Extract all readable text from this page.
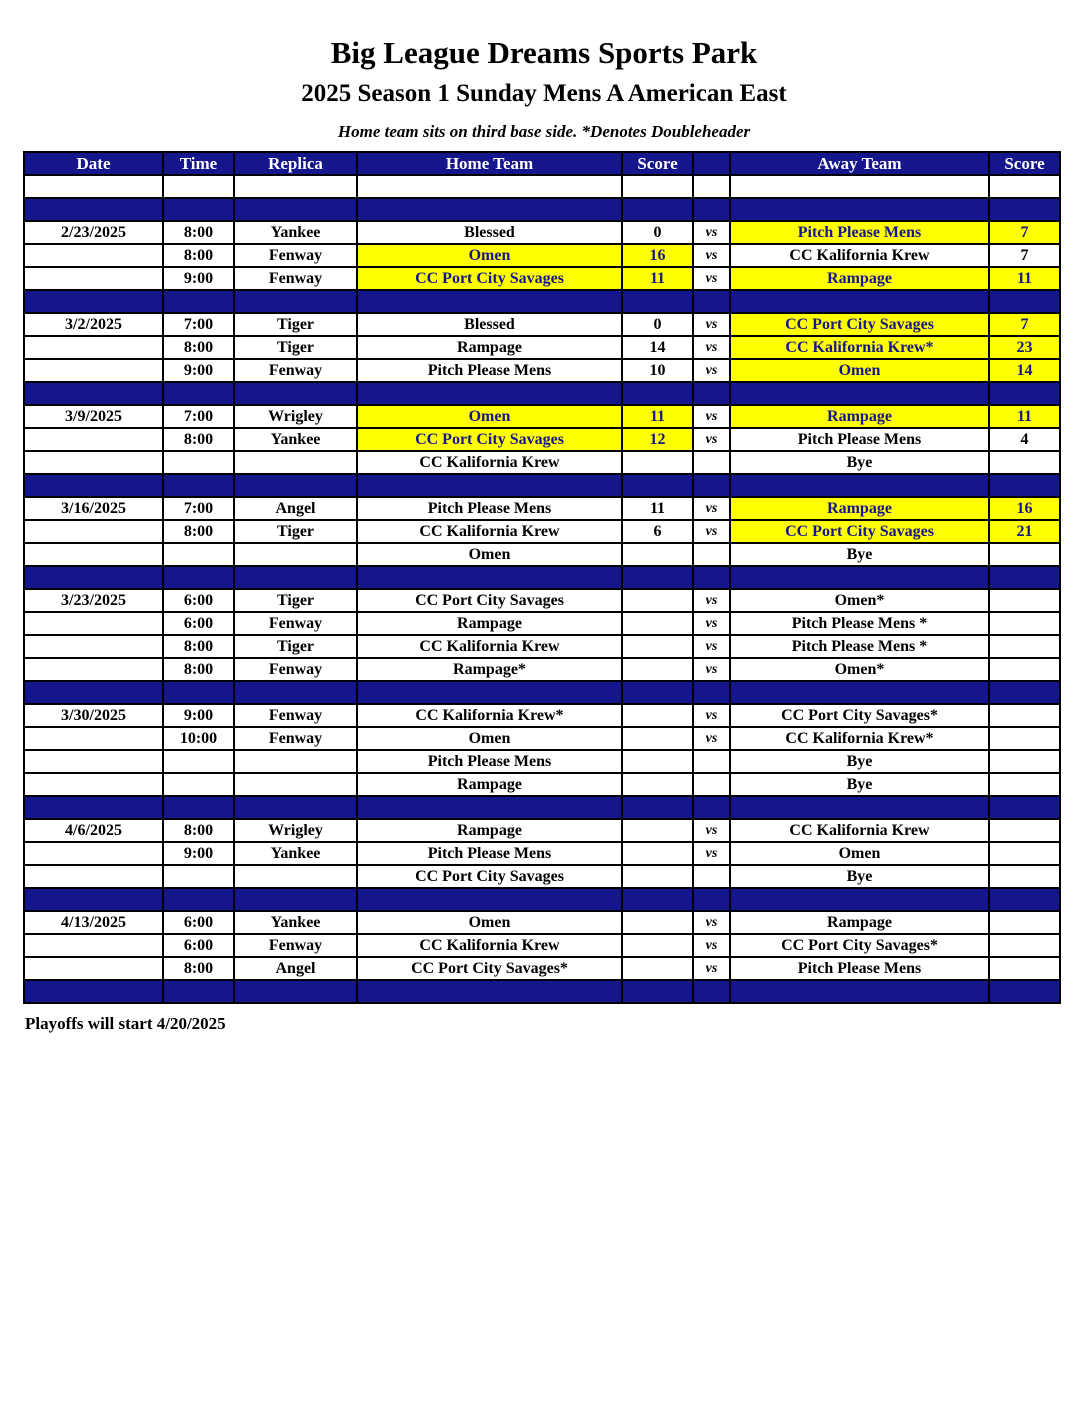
Big League Dreams Sports Park
2025 Season 1 Sunday Mens A American East
Home team sits on third base side. *Denotes Doubleheader
Date	Time	Replica	Home Team	Score		Away Team	Score

2/23/2025	8:00	Yankee	Blessed	0	vs	Pitch Please Mens	7
	8:00	Fenway	Omen	16	vs	CC Kalifornia Krew	7
	9:00	Fenway	CC Port City Savages	11	vs	Rampage	11

3/2/2025	7:00	Tiger	Blessed	0	vs	CC Port City Savages	7
	8:00	Tiger	Rampage	14	vs	CC Kalifornia Krew*	23
	9:00	Fenway	Pitch Please Mens	10	vs	Omen	14

3/9/2025	7:00	Wrigley	Omen	11	vs	Rampage	11
	8:00	Yankee	CC Port City Savages	12	vs	Pitch Please Mens	4
			CC Kalifornia Krew			Bye	

3/16/2025	7:00	Angel	Pitch Please Mens	11	vs	Rampage	16
	8:00	Tiger	CC Kalifornia Krew	6	vs	CC Port City Savages	21
			Omen			Bye	

3/23/2025	6:00	Tiger	CC Port City Savages		vs	Omen*	
	6:00	Fenway	Rampage		vs	Pitch Please Mens *	
	8:00	Tiger	CC Kalifornia Krew		vs	Pitch Please Mens *	
	8:00	Fenway	Rampage*		vs	Omen*	

3/30/2025	9:00	Fenway	CC Kalifornia Krew*		vs	CC Port City Savages*	
	10:00	Fenway	Omen		vs	CC Kalifornia Krew*	
			Pitch Please Mens			Bye	
			Rampage			Bye	

4/6/2025	8:00	Wrigley	Rampage		vs	CC Kalifornia Krew	
	9:00	Yankee	Pitch Please Mens		vs	Omen	
			CC Port City Savages			Bye	

4/13/2025	6:00	Yankee	Omen		vs	Rampage	
	6:00	Fenway	CC Kalifornia Krew		vs	CC Port City Savages*	
	8:00	Angel	CC Port City Savages*		vs	Pitch Please Mens	

Playoffs will start 4/20/2025
